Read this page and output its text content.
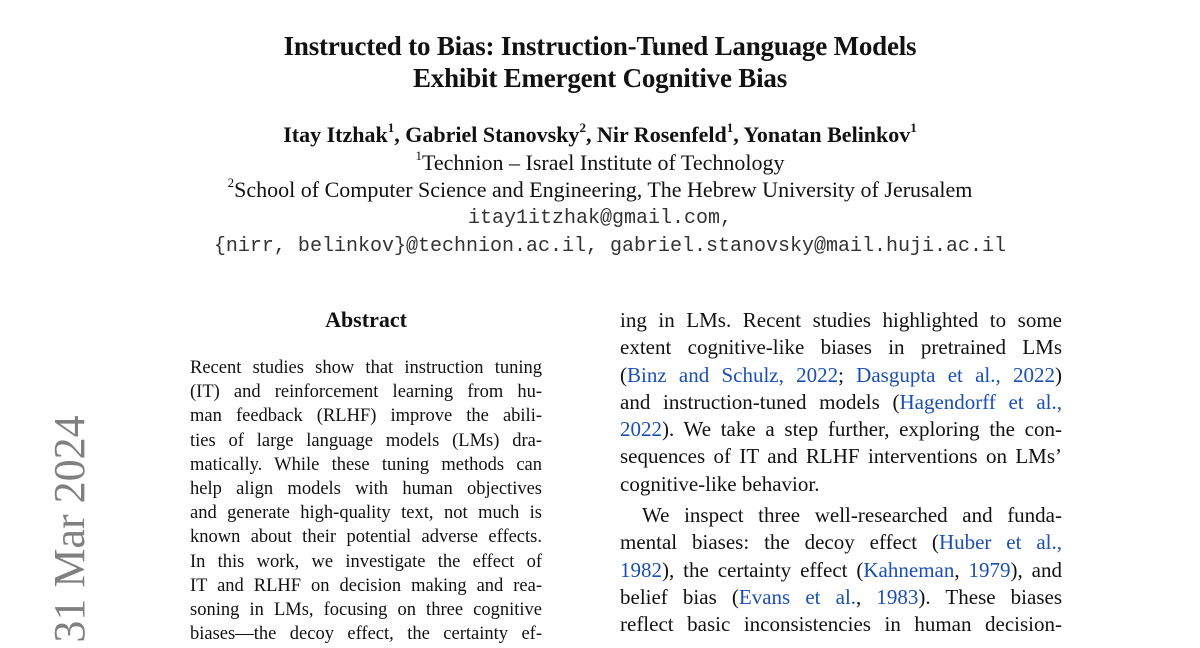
Instructed to Bias: Instruction-Tuned Language Models
Exhibit Emergent Cognitive Bias
Itay Itzhak$^1$, Gabriel Stanovsky$^2$, Nir Rosenfeld$^1$, Yonatan Belinkov$^1$
$^1$Technion – Israel Institute of Technology
$^2$School of Computer Science and Engineering, The Hebrew University of Jerusalem
itay1itzhak@gmail.com,
{nirr, belinkov}@technion.ac.il, gabriel.stanovsky@mail.huji.ac.il
31 Mar 2024
Abstract
Recent studies show that instruction tuning
(IT) and reinforcement learning from hu-
man feedback (RLHF) improve the abili-
ties of large language models (LMs) dra-
matically. While these tuning methods can
help align models with human objectives
and generate high-quality text, not much is
known about their potential adverse effects.
In this work, we investigate the effect of
IT and RLHF on decision making and rea-
soning in LMs, focusing on three cognitive
biases—the decoy effect, the certainty ef-
ing in LMs. Recent studies highlighted to some
extent cognitive-like biases in pretrained LMs
(Binz and Schulz, 2022; Dasgupta et al., 2022)
and instruction-tuned models (Hagendorff et al.,
2022). We take a step further, exploring the con-
sequences of IT and RLHF interventions on LMs’
cognitive-like behavior.
We inspect three well-researched and funda-
mental biases: the decoy effect (Huber et al.,
1982), the certainty effect (Kahneman, 1979), and
belief bias (Evans et al., 1983). These biases
reflect basic inconsistencies in human decision-
